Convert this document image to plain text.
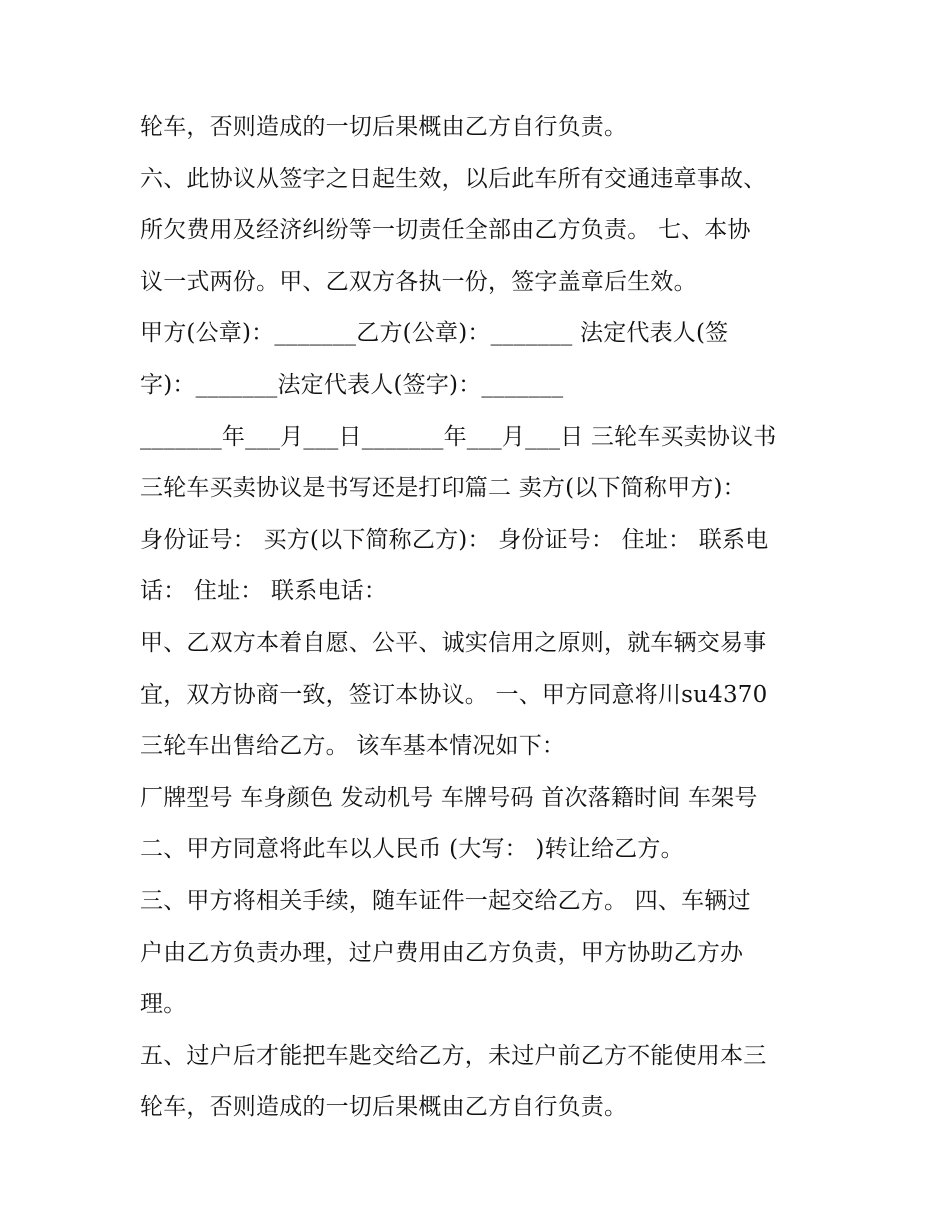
轮车，否则造成的一切后果概由乙方自行负责。
六、此协议从签字之日起生效，以后此车所有交通违章事故、
所欠费用及经济纠纷等一切责任全部由乙方负责。 七、本协
议一式两份。甲、乙双方各执一份，签字盖章后生效。
甲方(公章)：_______乙方(公章)：_______ 法定代表人(签
字)：_______法定代表人(签字)：_______
_______年___月___日_______年___月___日 三轮车买卖协议书
三轮车买卖协议是书写还是打印篇二 卖方(以下简称甲方)：
身份证号： 买方(以下简称乙方)： 身份证号： 住址： 联系电
话： 住址： 联系电话：
甲、乙双方本着自愿、公平、诚实信用之原则，就车辆交易事
宜，双方协商一致，签订本协议。 一、甲方同意将川su4370
三轮车出售给乙方。 该车基本情况如下：
厂牌型号 车身颜色 发动机号 车牌号码 首次落籍时间 车架号
二、甲方同意将此车以人民币 (大写： )转让给乙方。
三、甲方将相关手续，随车证件一起交给乙方。 四、车辆过
户由乙方负责办理，过户费用由乙方负责，甲方协助乙方办
理。
五、过户后才能把车匙交给乙方，未过户前乙方不能使用本三
轮车，否则造成的一切后果概由乙方自行负责。
